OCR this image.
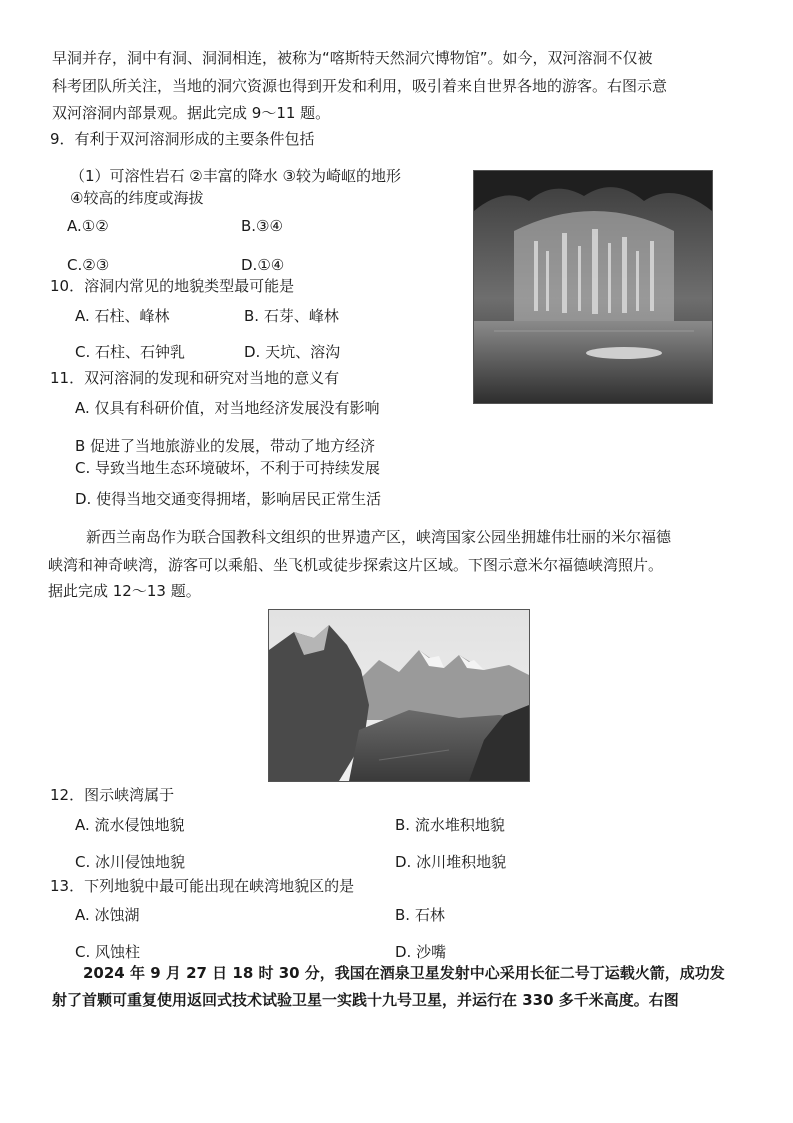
早洞并存，洞中有洞、洞洞相连，被称为“喀斯特天然洞穴博物馆”。如今，双河溶洞不仅被
科考团队所关注，当地的洞穴资源也得到开发和利用，吸引着来自世界各地的游客。右图示意
双河溶洞内部景观。据此完成 9～11 题。
9．有利于双河溶洞形成的主要条件包括
（1）可溶性岩石 ②丰富的降水 ③较为崎岖的地形
④较高的纬度或海拔
A.①②	B.③④
C.②③	D.①④
10．溶洞内常见的地貌类型最可能是
A. 石柱、峰林	B. 石芽、峰林
C. 石柱、石钟乳	D. 天坑、溶沟
11．双河溶洞的发现和研究对当地的意义有
A. 仅具有科研价值，对当地经济发展没有影响
B 促进了当地旅游业的发展，带动了地方经济
C. 导致当地生态环境破坏，不利于可持续发展
D. 使得当地交通变得拥堵，影响居民正常生活
新西兰南岛作为联合国教科文组织的世界遗产区，峡湾国家公园坐拥雄伟壮丽的米尔福德
峡湾和神奇峡湾，游客可以乘船、坐飞机或徒步探索这片区域。下图示意米尔福德峡湾照片。
据此完成 12～13 题。
12．图示峡湾属于
A. 流水侵蚀地貌	B. 流水堆积地貌
C. 冰川侵蚀地貌	D. 冰川堆积地貌
13．下列地貌中最可能出现在峡湾地貌区的是
A. 冰蚀湖	B. 石林
C. 风蚀柱	D. 沙嘴
2024 年 9 月 27 日 18 时 30 分，我国在酒泉卫星发射中心采用长征二号丁运载火箭，成功发
射了首颗可重复使用返回式技术试验卫星一实践十九号卫星，并运行在 330 多千米高度。右图
